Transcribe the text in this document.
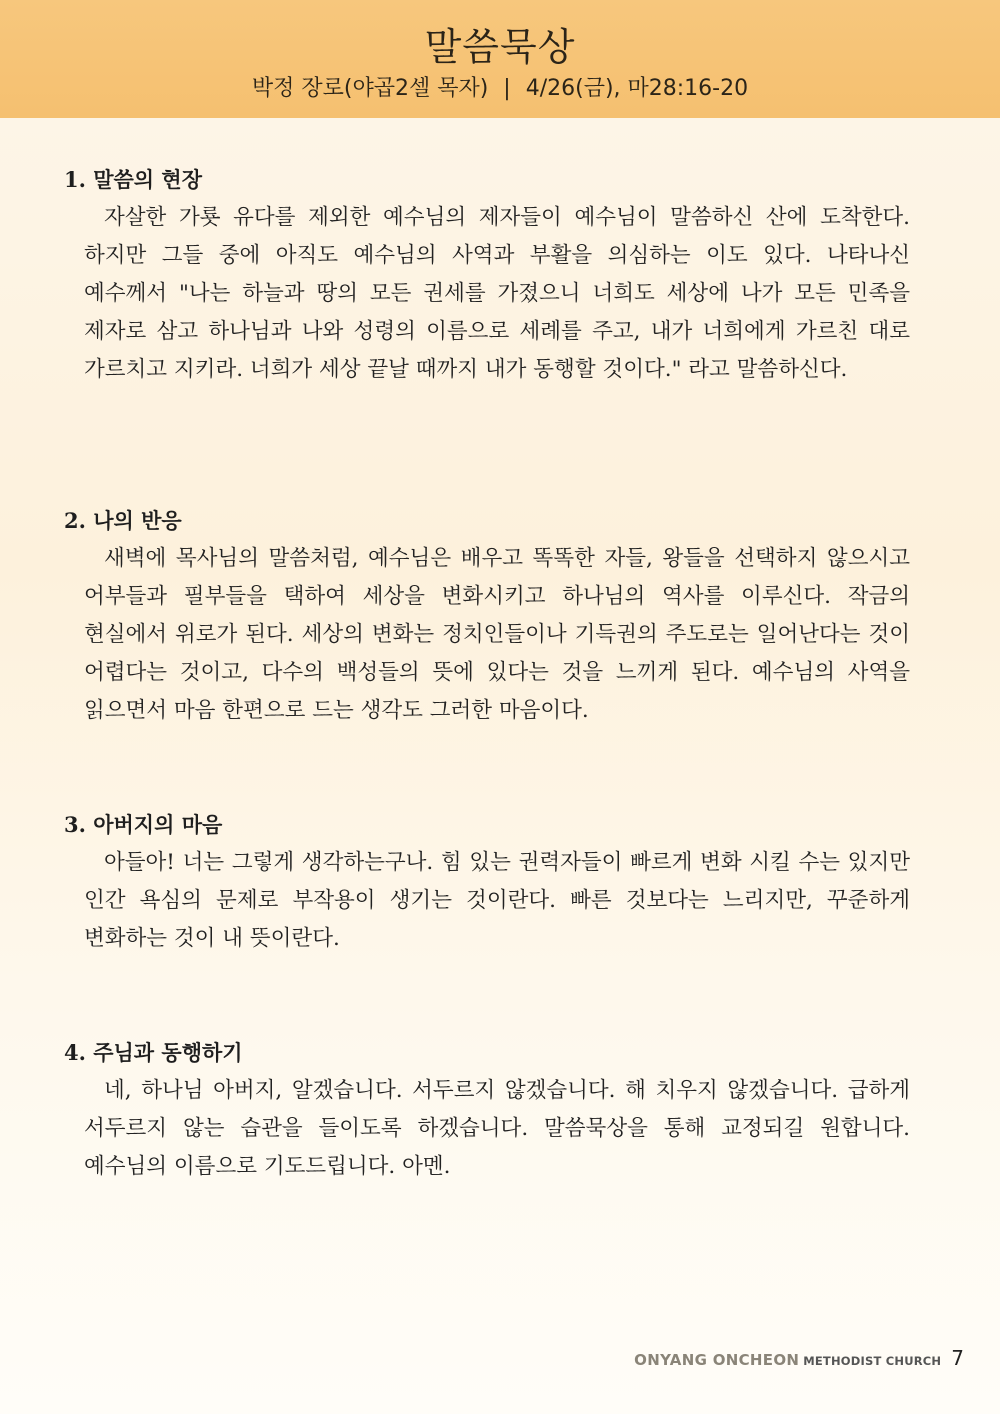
말씀묵상
박정 장로(야곱2셀 목자) | 4/26(금), 마28:16-20
1. 말씀의 현장

자살한 가룟 유다를 제외한 예수님의 제자들이 예수님이 말씀하신 산에 도착한다. 하지만 그들 중에 아직도 예수님의 사역과 부활을 의심하는 이도 있다. 나타나신 예수께서 "나는 하늘과 땅의 모든 권세를 가졌으니 너희도 세상에 나가 모든 민족을 제자로 삼고 하나님과 나와 성령의 이름으로 세례를 주고, 내가 너희에게 가르친 대로 가르치고 지키라. 너희가 세상 끝날 때까지 내가 동행할 것이다." 라고 말씀하신다.

2. 나의 반응

새벽에 목사님의 말씀처럼, 예수님은 배우고 똑똑한 자들, 왕들을 선택하지 않으시고 어부들과 필부들을 택하여 세상을 변화시키고 하나님의 역사를 이루신다. 작금의 현실에서 위로가 된다. 세상의 변화는 정치인들이나 기득권의 주도로는 일어난다는 것이 어렵다는 것이고, 다수의 백성들의 뜻에 있다는 것을 느끼게 된다. 예수님의 사역을 읽으면서 마음 한편으로 드는 생각도 그러한 마음이다.

3. 아버지의 마음

아들아! 너는 그렇게 생각하는구나. 힘 있는 권력자들이 빠르게 변화 시킬 수는 있지만 인간 욕심의 문제로 부작용이 생기는 것이란다. 빠른 것보다는 느리지만, 꾸준하게 변화하는 것이 내 뜻이란다.

4. 주님과 동행하기

네, 하나님 아버지, 알겠습니다. 서두르지 않겠습니다. 해 치우지 않겠습니다. 급하게 서두르지 않는 습관을 들이도록 하겠습니다. 말씀묵상을 통해 교정되길 원합니다. 예수님의 이름으로 기도드립니다. 아멘.

ONYANG ONCHEON METHODIST CHURCH 7
